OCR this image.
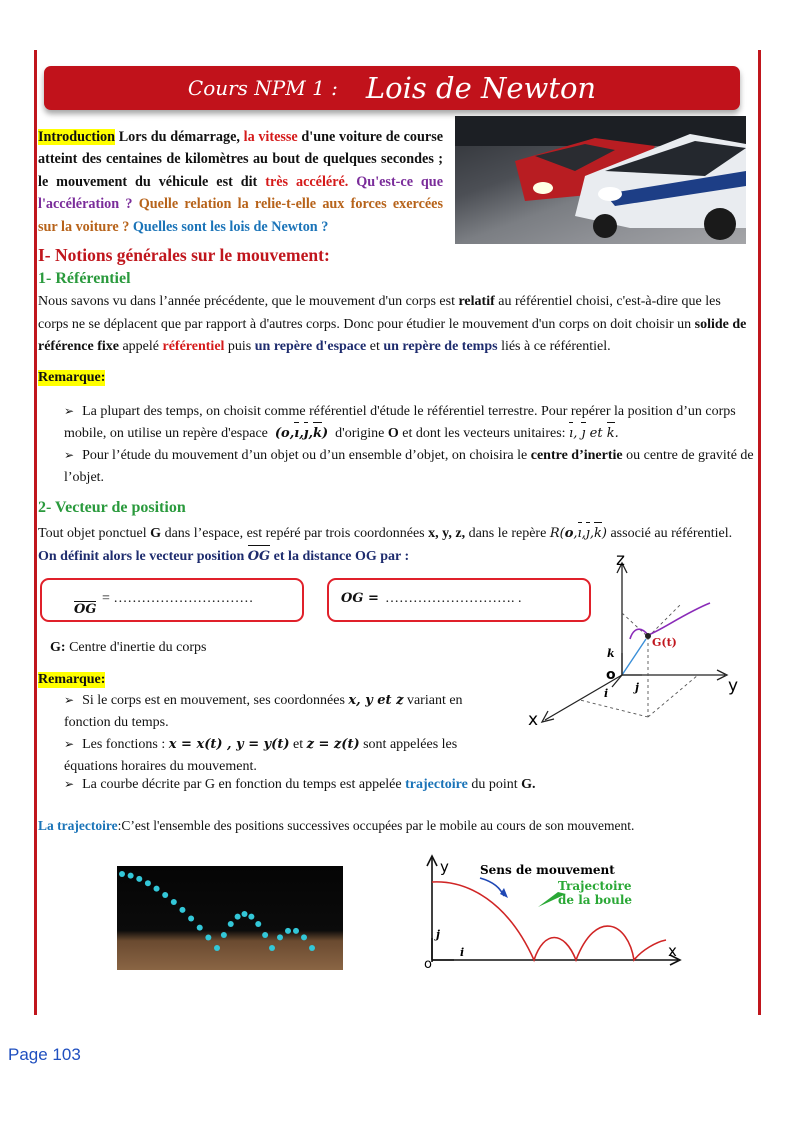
Cours NPM 1 : Lois de Newton
Introduction Lors du démarrage, la vitesse d'une voiture de course atteint des centaines de kilomètres au bout de quelques secondes ; le mouvement du véhicule est dit très accéléré. Qu'est-ce que l'accélération ? Quelle relation la relie-t-elle aux forces exercées sur la voiture ? Quelles sont les lois de Newton ?
I- Notions générales sur le mouvement:
1- Référentiel
Nous savons vu dans l’année précédente, que le mouvement d'un corps est relatif au référentiel choisi, c'est-à-dire que les corps ne se déplacent que par rapport à d'autres corps. Donc pour étudier le mouvement d'un corps on doit choisir un solide de référence fixe appelé référentiel puis un repère d'espace et un repère de temps liés à ce référentiel.
Remarque:
➢ La plupart des temps, on choisit comme référentiel d'étude le référentiel terrestre. Pour repérer la position d’un corps mobile, on utilise un repère d'espace (o,ı,ȷ,k) d'origine O et dont les vecteurs unitaires: ı, ȷ et k.
➢ Pour l’étude du mouvement d’un objet ou d’un ensemble d’objet, on choisira le centre d’inertie ou centre de gravité de l’objet.
2- Vecteur de position
Tout objet ponctuel G dans l’espace, est repéré par trois coordonnées x, y, z, dans le repère R(o,ı,ȷ,k) associé au référentiel. On définit alors le vecteur position OG et la distance OG par :
OG
= …………………………	OG = ………………………. .
G: Centre d'inertie du corps
Remarque:
➢ Si le corps est en mouvement, ses coordonnées x, y et z variant en fonction du temps.
➢ Les fonctions : x = x(t) , y = y(t) et z = z(t) sont appelées les équations horaires du mouvement.
➢ La courbe décrite par G en fonction du temps est appelée trajectoire du point G.
La trajectoire:C’est l'ensemble des positions successives occupées par le mobile au cours de son mouvement.
z
y
x
o
G(t)
k
i j
y
x
o
j
i
Sens de mouvement
Trajectoire
de la boule
Page 103
